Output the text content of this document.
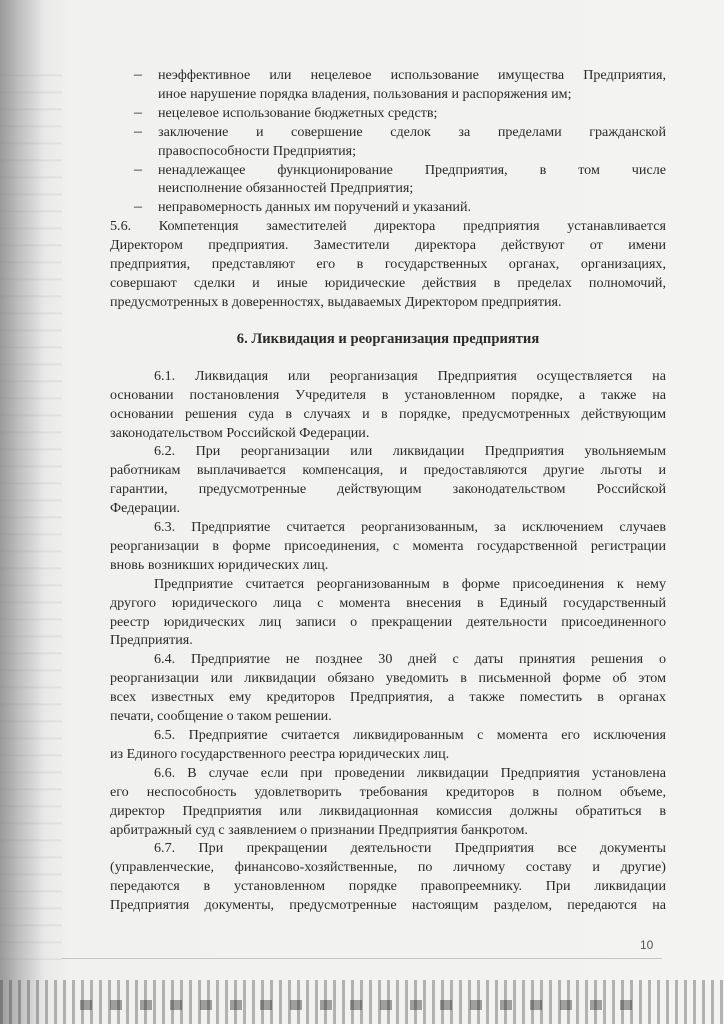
– неэффективное или нецелевое использование имущества Предприятия,
иное нарушение порядка владения, пользования и распоряжения им;
– нецелевое использование бюджетных средств;
– заключение и совершение сделок за пределами гражданской
правоспособности Предприятия;
– ненадлежащее функционирование Предприятия, в том числе
неисполнение обязанностей Предприятия;
– неправомерность данных им поручений и указаний.
5.6. Компетенция заместителей директора предприятия устанавливается
Директором предприятия. Заместители директора действуют от имени
предприятия, представляют его в государственных органах, организациях,
совершают сделки и иные юридические действия в пределах полномочий,
предусмотренных в доверенностях, выдаваемых Директором предприятия.
6. Ликвидация и реорганизация предприятия
6.1. Ликвидация или реорганизация Предприятия осуществляется на
основании постановления Учредителя в установленном порядке, а также на
основании решения суда в случаях и в порядке, предусмотренных действующим
законодательством Российской Федерации.
6.2. При реорганизации или ликвидации Предприятия увольняемым
работникам выплачивается компенсация, и предоставляются другие льготы и
гарантии, предусмотренные действующим законодательством Российской
Федерации.
6.3. Предприятие считается реорганизованным, за исключением случаев
реорганизации в форме присоединения, с момента государственной регистрации
вновь возникших юридических лиц.
Предприятие считается реорганизованным в форме присоединения к нему
другого юридического лица с момента внесения в Единый государственный
реестр юридических лиц записи о прекращении деятельности присоединенного
Предприятия.
6.4. Предприятие не позднее 30 дней с даты принятия решения о
реорганизации или ликвидации обязано уведомить в письменной форме об этом
всех известных ему кредиторов Предприятия, а также поместить в органах
печати, сообщение о таком решении.
6.5. Предприятие считается ликвидированным с момента его исключения
из Единого государственного реестра юридических лиц.
6.6. В случае если при проведении ликвидации Предприятия установлена
его неспособность удовлетворить требования кредиторов в полном объеме,
директор Предприятия или ликвидационная комиссия должны обратиться в
арбитражный суд с заявлением о признании Предприятия банкротом.
6.7. При прекращении деятельности Предприятия все документы
(управленческие, финансово-хозяйственные, по личному составу и другие)
передаются в установленном порядке правопреемнику. При ликвидации
Предприятия документы, предусмотренные настоящим разделом, передаются на
10
